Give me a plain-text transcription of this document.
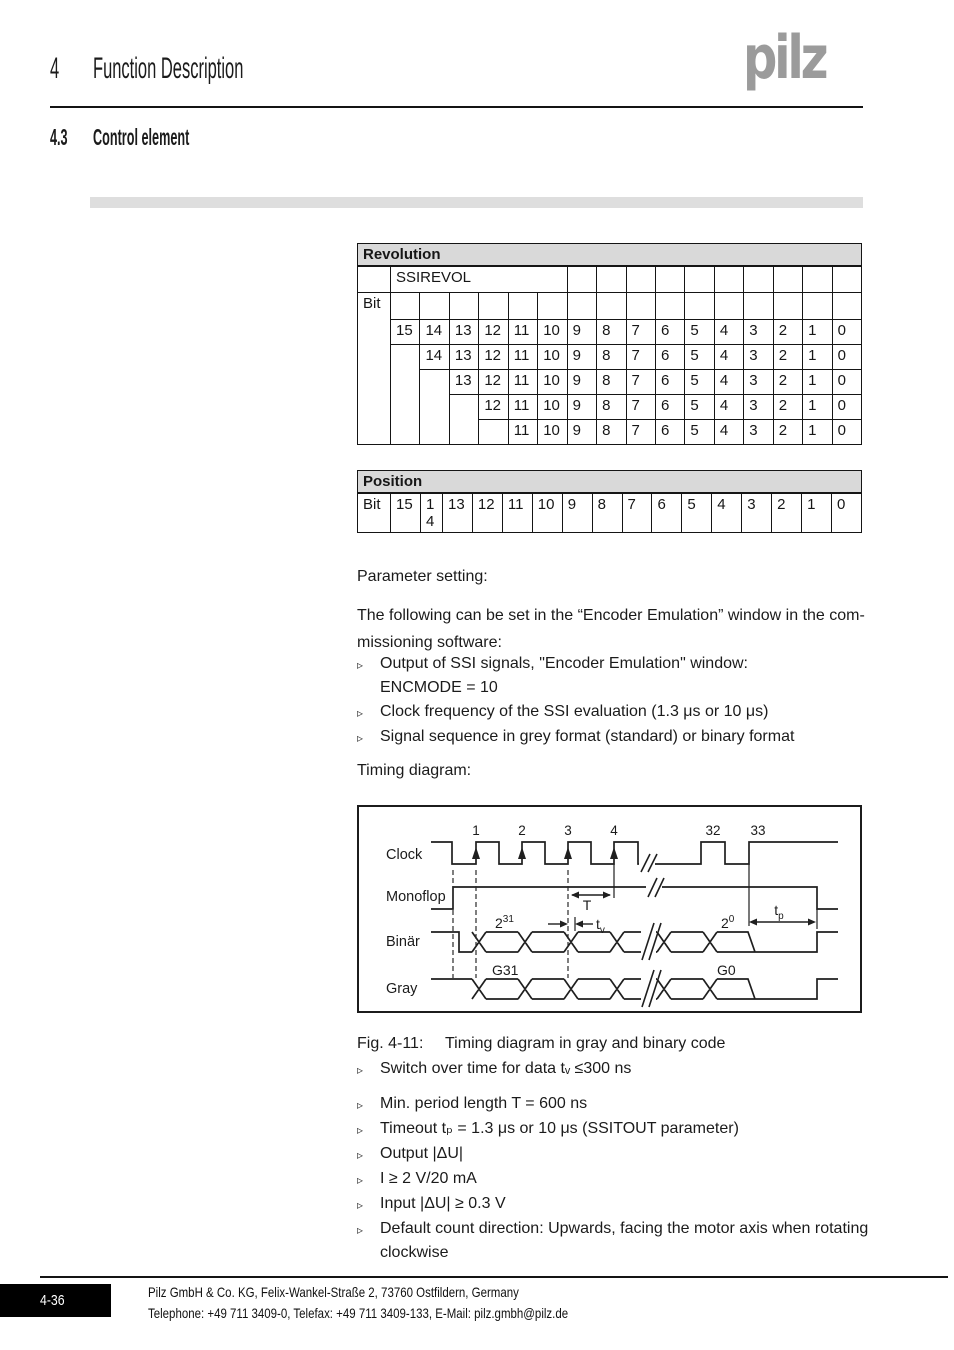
4 Function Description	pilz
4.3	Control element
Revolution																
	SSIREVOL															
Bit																
	15	14	13	12	11	10	9	8	7	6	5	4	3	2	1	0
		14	13	12	11	10	9	8	7	6	5	4	3	2	1	0
			13	12	11	10	9	8	7	6	5	4	3	2	1	0
				12	11	10	9	8	7	6	5	4	3	2	1	0
					11	10	9	8	7	6	5	4	3	2	1	0
Position
Bit	15	14	13	12	11	10	9	8	7	6	5	4	3	2	1	0
Parameter setting:
The following can be set in the “Encoder Emulation” window in the com-
missioning software:
▹	Output of SSI signals, "Encoder Emulation" window:
ENCMODE = 10
▹	Clock frequency of the SSI evaluation (1.3 μs or 10 μs)
▹	Signal sequence in grey format (standard) or binary format
Timing diagram:
Clock
Monoflop
Binär
Gray
1	2	3	4	32 33
T
$t_v$
$t_p$
$2^{31}$	$2^0$
G31	G0
Fig. 4-11:	Timing diagram in gray and binary code
▹	Switch over time for data tᵥ ≤300 ns
▹	Min. period length T = 600 ns
▹	Timeout tₚ = 1.3 μs or 10 μs (SSITOUT parameter)
▹	Output |ΔU|
▹	I ≥ 2 V/20 mA
▹	Input |ΔU| ≥ 0.3 V
▹	Default count direction: Upwards, facing the motor axis when rotating clockwise
4-36	Pilz GmbH & Co. KG, Felix-Wankel-Straße 2, 73760 Ostfildern, Germany
Telephone: +49 711 3409-0, Telefax: +49 711 3409-133, E-Mail: pilz.gmbh@pilz.de
